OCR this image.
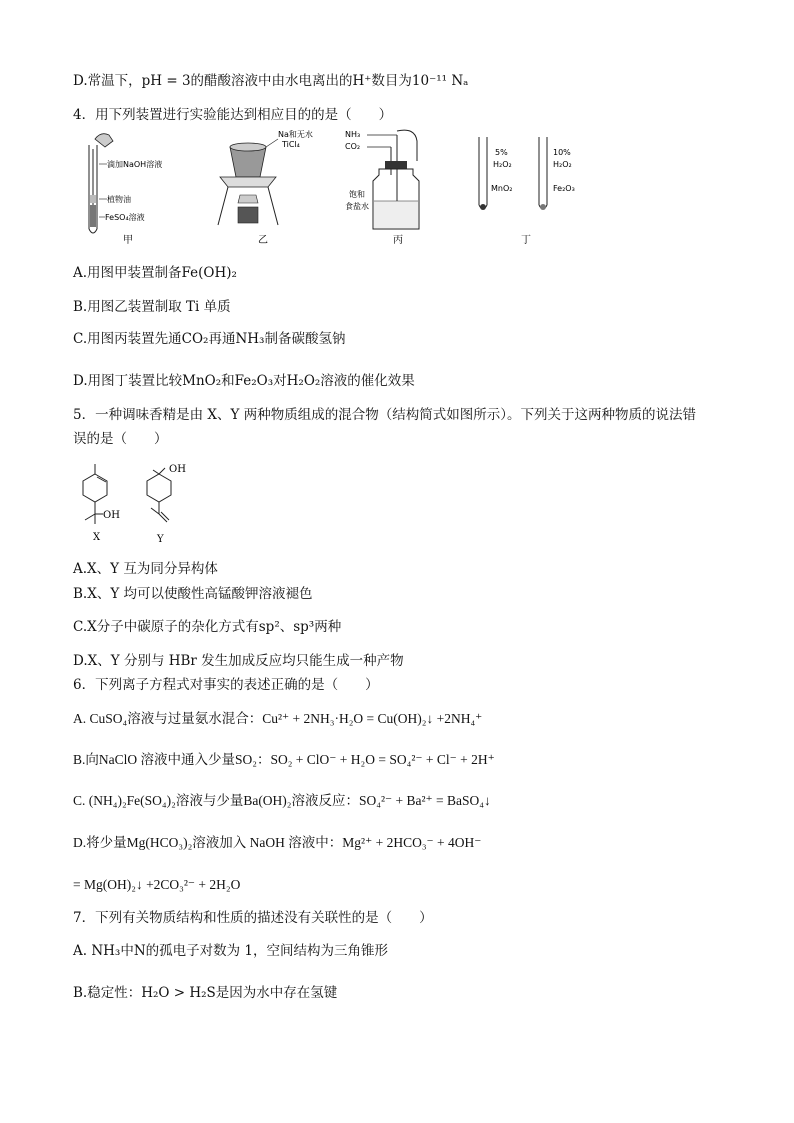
D.常温下，pH = 3的醋酸溶液中由水电离出的H⁺数目为10⁻¹¹ Nₐ
4．用下列装置进行实验能达到相应目的的是（　　）
滴加NaOH溶液
植物油
FeSO₄溶液
甲
Na和无水
TiCl₄
乙
NH₃
CO₂
饱和
食盐水
丙
5%
H₂O₂
MnO₂
10%
H₂O₂
Fe₂O₃
丁
A.用图甲装置制备Fe(OH)₂
B.用图乙装置制取 Ti 单质
C.用图丙装置先通CO₂再通NH₃制备碳酸氢钠
D.用图丁装置比较MnO₂和Fe₂O₃对H₂O₂溶液的催化效果
5．一种调味香精是由 X、Y 两种物质组成的混合物（结构简式如图所示）。下列关于这两种物质的说法错
误的是（　　）
OH
X
OH
Y
A.X、Y 互为同分异构体
B.X、Y 均可以使酸性高锰酸钾溶液褪色
C.X分子中碳原子的杂化方式有sp²、sp³两种
D.X、Y 分别与 HBr 发生加成反应均只能生成一种产物
6．下列离子方程式对事实的表述正确的是（　　）
A. CuSO₄溶液与过量氨水混合：Cu²⁺ + 2NH₃·H₂O = Cu(OH)₂↓ +2NH₄⁺
B.向NaClO 溶液中通入少量SO₂：SO₂ + ClO⁻ + H₂O = SO₄²⁻ + Cl⁻ + 2H⁺
C. (NH₄)₂Fe(SO₄)₂溶液与少量Ba(OH)₂溶液反应：SO₄²⁻ + Ba²⁺ = BaSO₄↓
D.将少量Mg(HCO₃)₂溶液加入 NaOH 溶液中：Mg²⁺ + 2HCO₃⁻ + 4OH⁻
= Mg(OH)₂↓ +2CO₃²⁻ + 2H₂O
7．下列有关物质结构和性质的描述没有关联性的是（　　）
A. NH₃中N的孤电子对数为 1，空间结构为三角锥形
B.稳定性：H₂O > H₂S是因为水中存在氢键
